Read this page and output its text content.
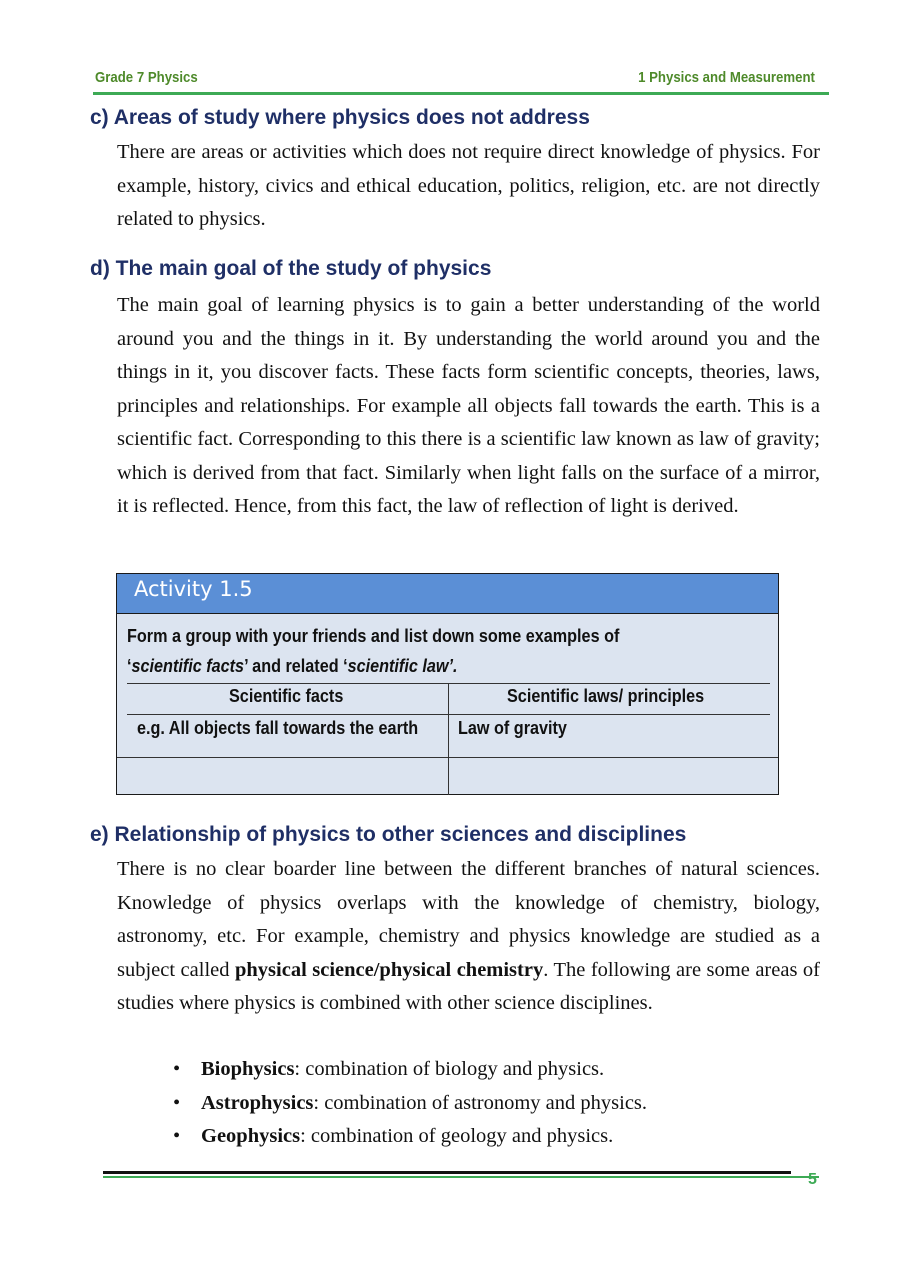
Grade 7 Physics	1 Physics and Measurement
c) Areas of study where physics does not address

There are areas or activities which does not require direct knowledge of physics. For example, history, civics and ethical education, politics, religion, etc. are not directly related to physics.

d) The main goal of the study of physics

The main goal of learning physics is to gain a better understanding of the world around you and the things in it. By understanding the world around you and the things in it, you discover facts. These facts form scientific concepts, theories, laws, principles and relationships. For example all objects fall towards the earth. This is a scientific fact. Corresponding to this there is a scientific law known as law of gravity; which is derived from that fact. Similarly when light falls on the surface of a mirror, it is reflected. Hence, from this fact, the law of reflection of light is derived.

Activity 1.5
Form a group with your friends and list down some examples of ‘scientific facts’ and related ‘scientific law’.
Scientific facts	Scientific laws/ principles
e.g. All objects fall towards the earth Law of gravity
e) Relationship of physics to other sciences and disciplines

There is no clear boarder line between the different branches of natural sciences. Knowledge of physics overlaps with the knowledge of chemistry, biology, astronomy, etc. For example, chemistry and physics knowledge are studied as a subject called physical science/physical chemistry. The following are some areas of studies where physics is combined with other science disciplines.

• Biophysics: combination of biology and physics.
• Astrophysics: combination of astronomy and physics.
• Geophysics: combination of geology and physics.
5
